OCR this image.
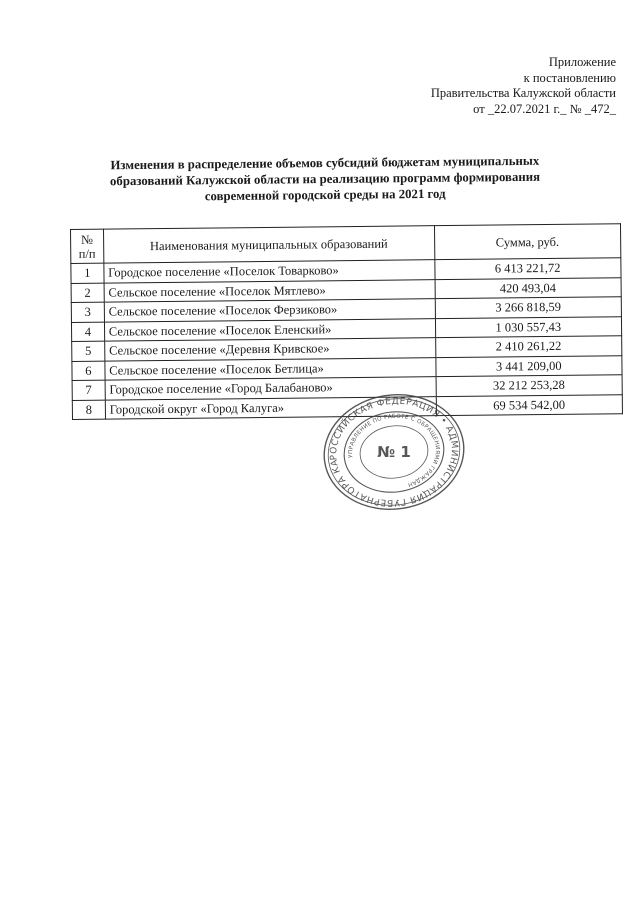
Приложение
к постановлению
Правительства Калужской области
от _22.07.2021 г._ № _472_
Изменения в распределение объемов субсидий бюджетам муниципальных
образований Калужской области на реализацию программ формирования
современной городской среды на 2021 год
№ п/п	Наименования муниципальных образований	Сумма, руб.
1	Городское поселение «Поселок Товарково»	6 413 221,72
2	Сельское поселение «Поселок Мятлево»	420 493,04
3	Сельское поселение «Поселок Ферзиково»	3 266 818,59
4	Сельское поселение «Поселок Еленский»	1 030 557,43
5	Сельское поселение «Деревня Кривское»	2 410 261,22
6	Сельское поселение «Поселок Бетлица»	3 441 209,00
7	Городское поселение «Город Балабаново»	32 212 253,28
8	Городской округ «Город Калуга»	69 534 542,00
РОССИЙСКАЯ ФЕДЕРАЦИЯ • АДМИНИСТРАЦИЯ ГУБЕРНАТОРА КАЛУЖСКОЙ
УПРАВЛЕНИЕ ПО РАБОТЕ С ОБРАЩЕНИЯМИ ГРАЖДАН
№ 1
